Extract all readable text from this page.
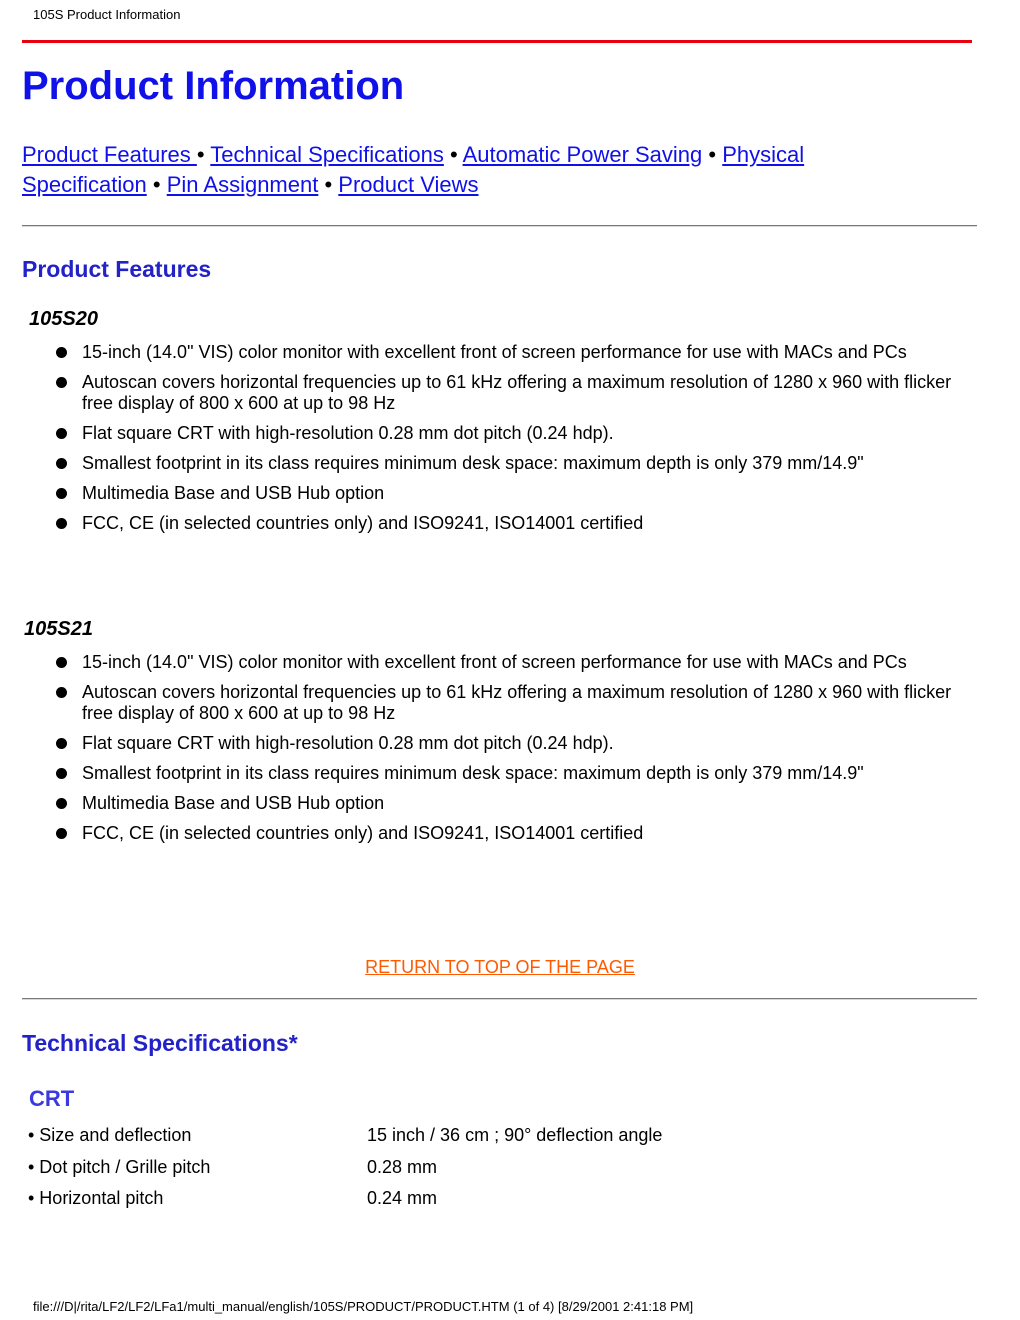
105S Product Information
Product Information
Product Features • Technical Specifications • Automatic Power Saving • Physical Specification • Pin Assignment • Product Views
Product Features
105S20
15-inch (14.0" VIS) color monitor with excellent front of screen performance for use with MACs and PCs
Autoscan covers horizontal frequencies up to 61 kHz offering a maximum resolution of 1280 x 960 with flicker free display of 800 x 600 at up to 98 Hz
Flat square CRT with high-resolution 0.28 mm dot pitch (0.24 hdp).
Smallest footprint in its class requires minimum desk space: maximum depth is only 379 mm/14.9"
Multimedia Base and USB Hub option
FCC, CE (in selected countries only) and ISO9241, ISO14001 certified
105S21
15-inch (14.0" VIS) color monitor with excellent front of screen performance for use with MACs and PCs
Autoscan covers horizontal frequencies up to 61 kHz offering a maximum resolution of 1280 x 960 with flicker free display of 800 x 600 at up to 98 Hz
Flat square CRT with high-resolution 0.28 mm dot pitch (0.24 hdp).
Smallest footprint in its class requires minimum desk space: maximum depth is only 379 mm/14.9"
Multimedia Base and USB Hub option
FCC, CE (in selected countries only) and ISO9241, ISO14001 certified
RETURN TO TOP OF THE PAGE
Technical Specifications*
CRT
• Size and deflection	15 inch / 36 cm ; 90° deflection angle
• Dot pitch / Grille pitch	0.28 mm
• Horizontal pitch	0.24 mm
file:///D|/rita/LF2/LF2/LFa1/multi_manual/english/105S/PRODUCT/PRODUCT.HTM (1 of 4) [8/29/2001 2:41:18 PM]
